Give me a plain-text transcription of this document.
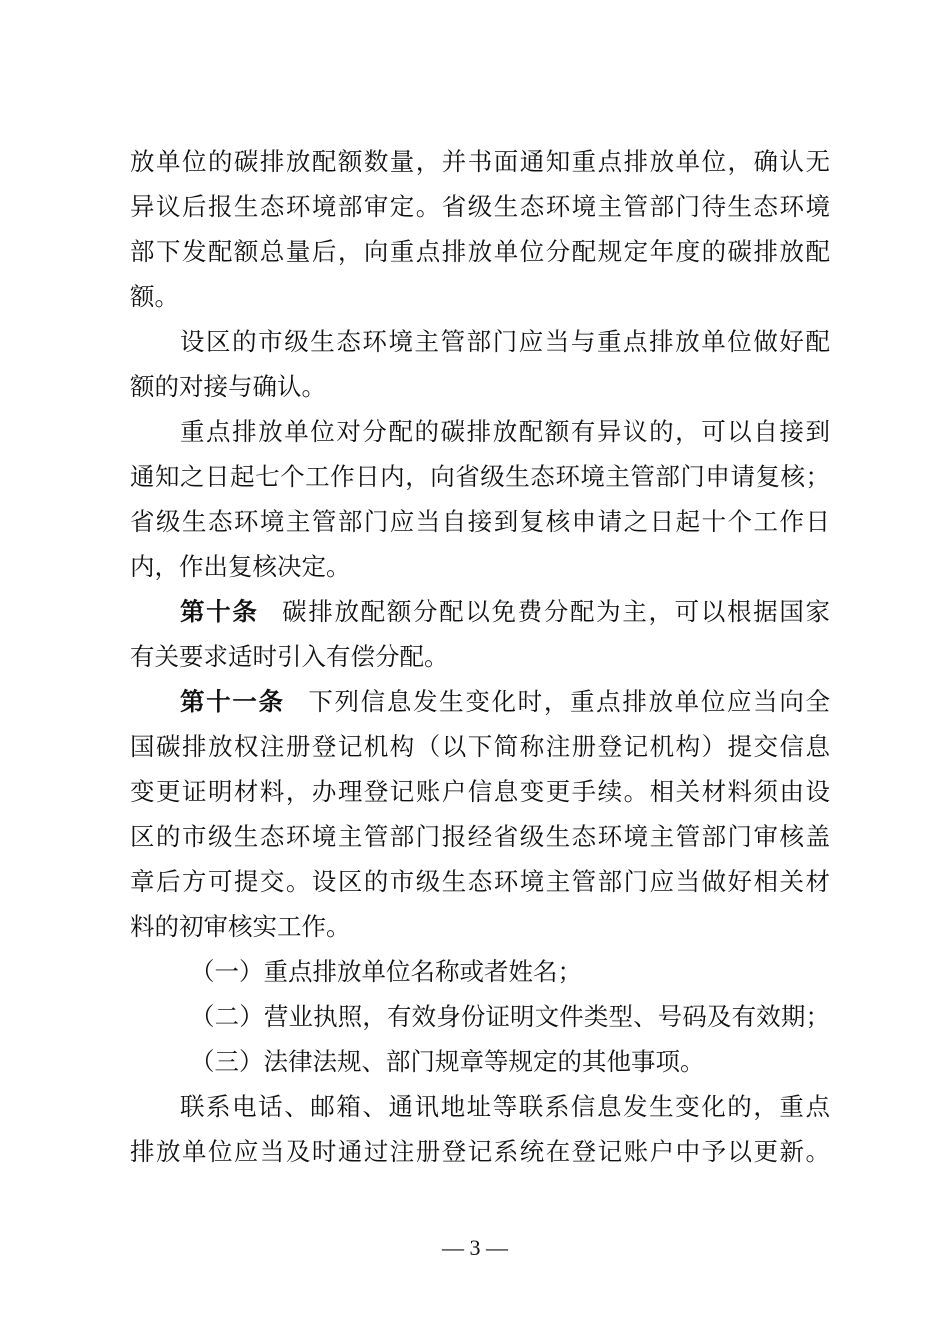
放单位的碳排放配额数量，并书面通知重点排放单位，确认无
异议后报生态环境部审定。省级生态环境主管部门待生态环境
部下发配额总量后，向重点排放单位分配规定年度的碳排放配
额。
设区的市级生态环境主管部门应当与重点排放单位做好配
额的对接与确认。
重点排放单位对分配的碳排放配额有异议的，可以自接到
通知之日起七个工作日内，向省级生态环境主管部门申请复核；
省级生态环境主管部门应当自接到复核申请之日起十个工作日
内，作出复核决定。
第十条 碳排放配额分配以免费分配为主，可以根据国家
有关要求适时引入有偿分配。
第十一条 下列信息发生变化时，重点排放单位应当向全
国碳排放权注册登记机构（以下简称注册登记机构）提交信息
变更证明材料，办理登记账户信息变更手续。相关材料须由设
区的市级生态环境主管部门报经省级生态环境主管部门审核盖
章后方可提交。设区的市级生态环境主管部门应当做好相关材
料的初审核实工作。
（一）重点排放单位名称或者姓名；
（二）营业执照，有效身份证明文件类型、号码及有效期；
（三）法律法规、部门规章等规定的其他事项。
联系电话、邮箱、通讯地址等联系信息发生变化的，重点
排放单位应当及时通过注册登记系统在登记账户中予以更新。
— 3 —
